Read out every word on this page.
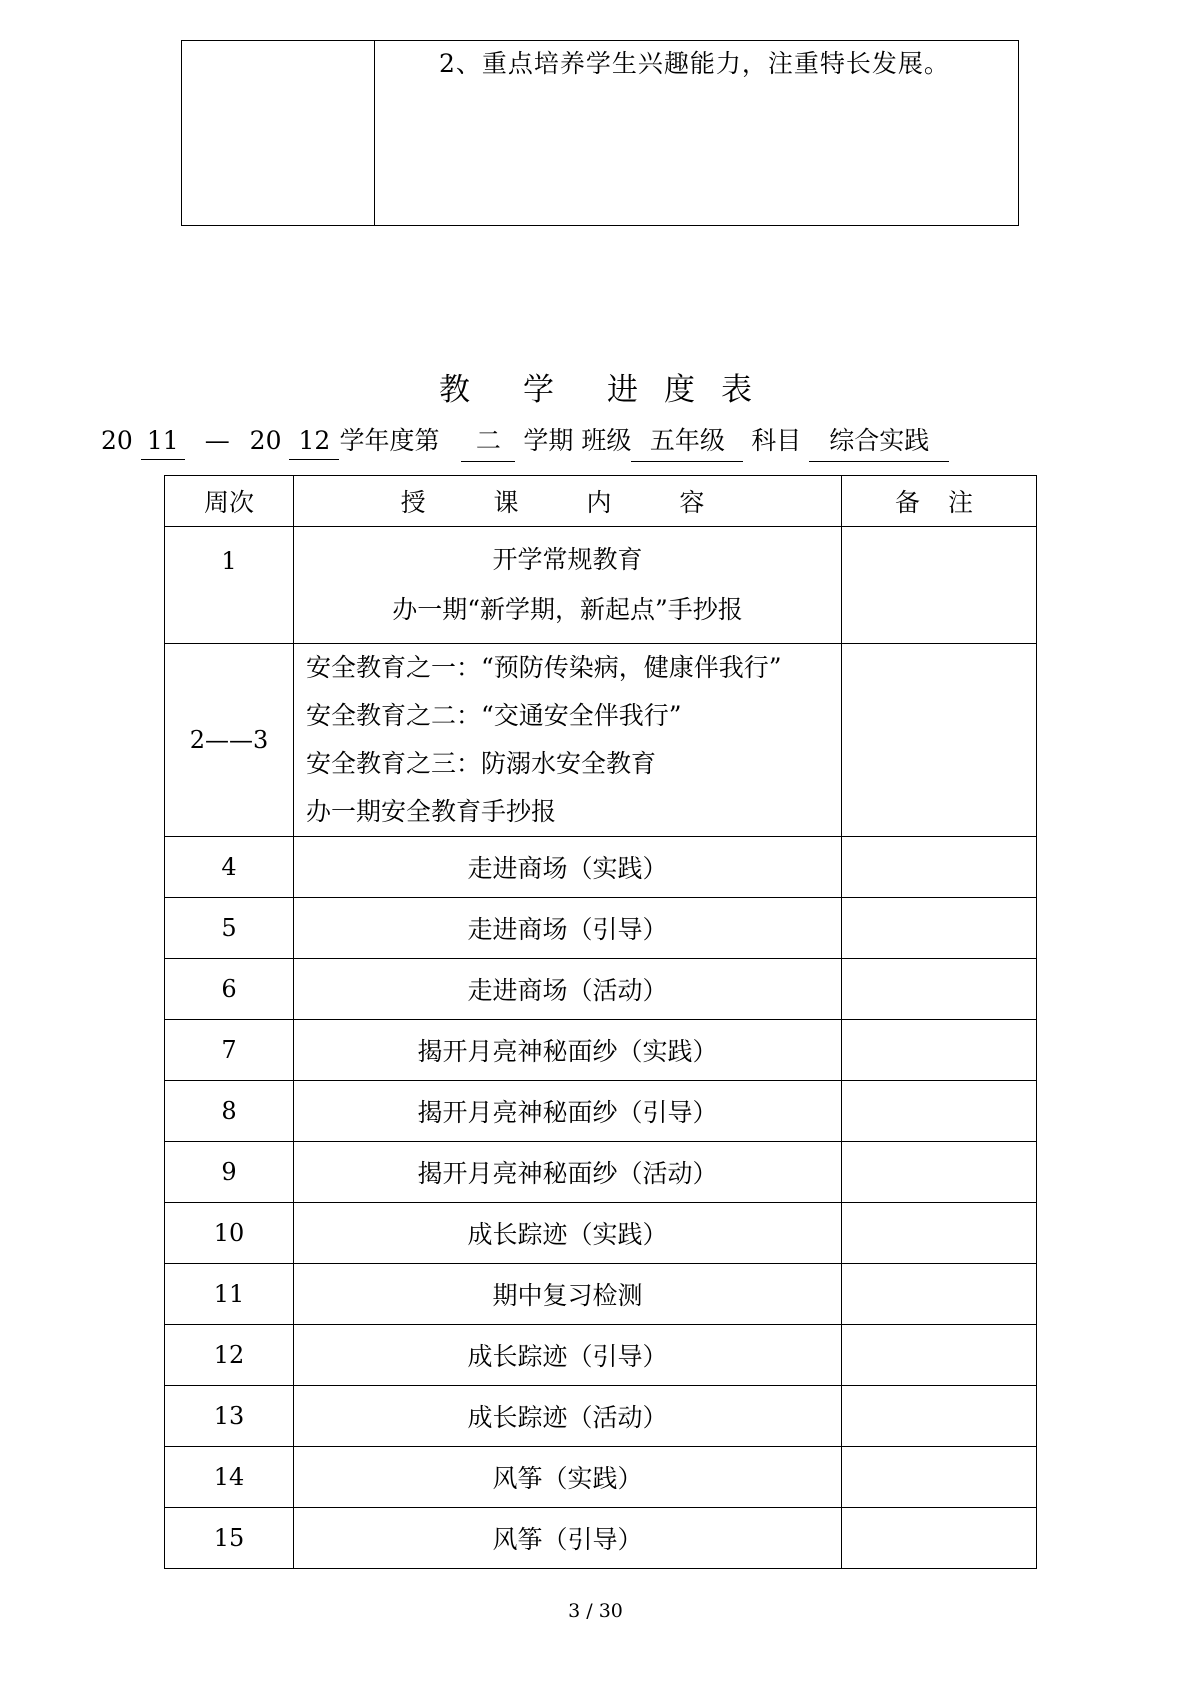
2、重点培养学生兴趣能力，注重特长发展。
教 学 进 度 表
20 11 — 20 12 学年度第 二 学期 班级 五年级 科目 综合实践
周次	授 课 内 容	备 注
1	开学常规教育
办一期“新学期，新起点”手抄报	

2——3	安全教育之一：“预防传染病，健康伴我行”
安全教育之二：“交通安全伴我行”
安全教育之三：防溺水安全教育
办一期安全教育手抄报	

4	走进商场（实践）	
5	走进商场（引导）	
6	走进商场（活动）	
7	揭开月亮神秘面纱（实践）	
8	揭开月亮神秘面纱（引导）	
9	揭开月亮神秘面纱（活动）	
10	成长踪迹（实践）	
11	期中复习检测	
12	成长踪迹（引导）	
13	成长踪迹（活动）	
14	风筝（实践）	
15	风筝（引导）	
3 / 30
